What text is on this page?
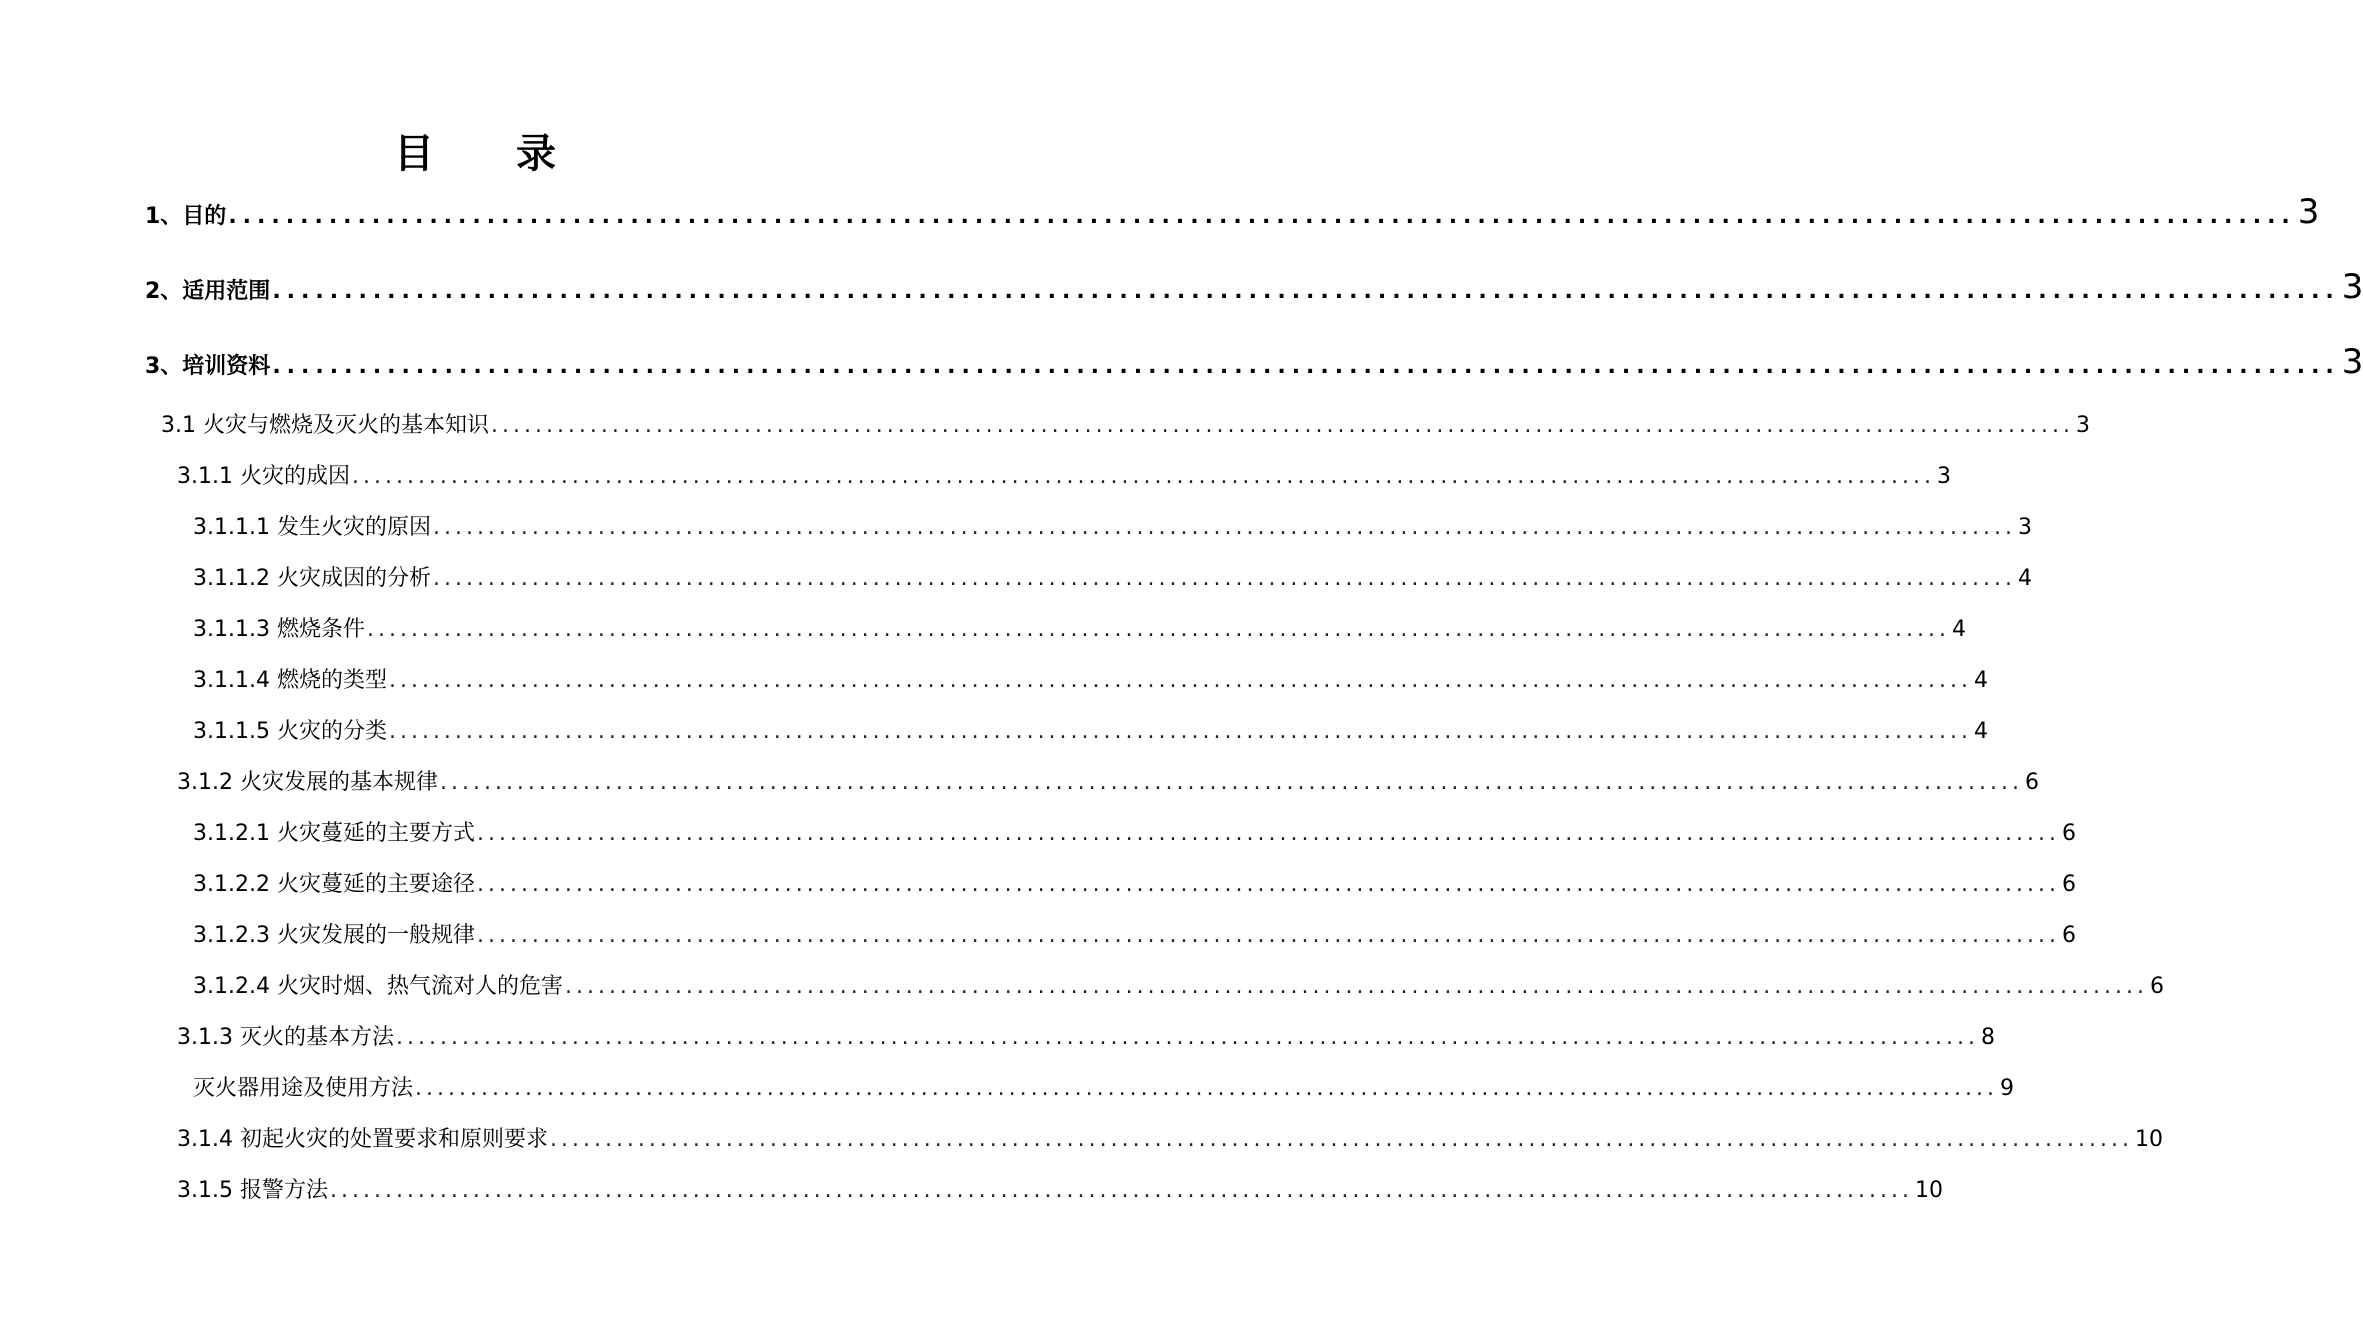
目 录
1、目的 ................................................................................................................................................ 3
2、适用范围 ................................................................................................................................................ 3
3、培训资料 ................................................................................................................................................ 3
3.1 火灾与燃烧及灭火的基本知识 ................................................................................................................................................ 3
3.1.1 火灾的成因 ................................................................................................................................................ 3
3.1.1.1 发生火灾的原因 ................................................................................................................................................ 3
3.1.1.2 火灾成因的分析 ................................................................................................................................................ 4
3.1.1.3 燃烧条件 ................................................................................................................................................ 4
3.1.1.4 燃烧的类型 ................................................................................................................................................ 4
3.1.1.5 火灾的分类 ................................................................................................................................................ 4
3.1.2 火灾发展的基本规律 ................................................................................................................................................ 6
3.1.2.1 火灾蔓延的主要方式 ................................................................................................................................................ 6
3.1.2.2 火灾蔓延的主要途径 ................................................................................................................................................ 6
3.1.2.3 火灾发展的一般规律 ................................................................................................................................................ 6
3.1.2.4 火灾时烟、热气流对人的危害 ................................................................................................................................................ 6
3.1.3 灭火的基本方法 ................................................................................................................................................ 8
灭火器用途及使用方法 ................................................................................................................................................ 9
3.1.4 初起火灾的处置要求和原则要求 ................................................................................................................................................ 10
3.1.5 报警方法 ................................................................................................................................................ 10
